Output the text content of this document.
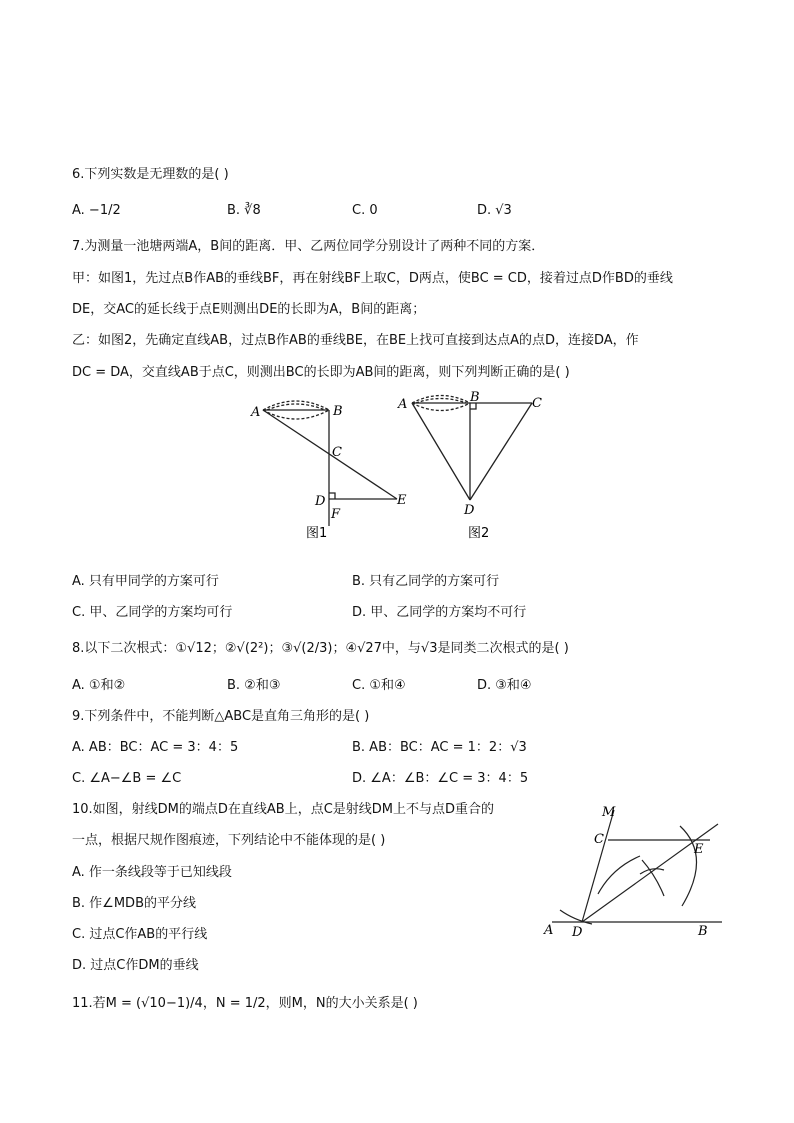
6.下列实数是无理数的是( )
A. −1/2	B. ∛8	C. 0	D. √3
7.为测量一池塘两端A，B间的距离．甲、乙两位同学分别设计了两种不同的方案．
甲：如图1，先过点B作AB的垂线BF，再在射线BF上取C，D两点，使BC = CD，接着过点D作BD的垂线
DE，交AC的延长线于点E则测出DE的长即为A，B间的距离；
乙：如图2，先确定直线AB，过点B作AB的垂线BE，在BE上找可直接到达点A的点D，连接DA，作
DC = DA，交直线AB于点C，则测出BC的长即为AB间的距离，则下列判断正确的是( )
A	B
C
D	E
F
图1
A	B	C
D
图2
A. 只有甲同学的方案可行	B. 只有乙同学的方案可行
C. 甲、乙同学的方案均可行	D. 甲、乙同学的方案均不可行
8.以下二次根式：①√12；②√(2²)；③√(2/3)；④√27中，与√3是同类二次根式的是( )
A. ①和②	B. ②和③	C. ①和④	D. ③和④
9.下列条件中，不能判断△ABC是直角三角形的是( )
A. AB：BC：AC = 3：4：5	B. AB：BC：AC = 1：2：√3
C. ∠A−∠B = ∠C	D. ∠A：∠B：∠C = 3：4：5
10.如图，射线DM的端点D在直线AB上，点C是射线DM上不与点D重合的
一点，根据尺规作图痕迹，下列结论中不能体现的是( )
A. 作一条线段等于已知线段
B. 作∠MDB的平分线
C. 过点C作AB的平行线
D. 过点C作DM的垂线
M
C
E
A D	B
11.若M = (√10−1)/4，N = 1/2，则M，N的大小关系是( )
